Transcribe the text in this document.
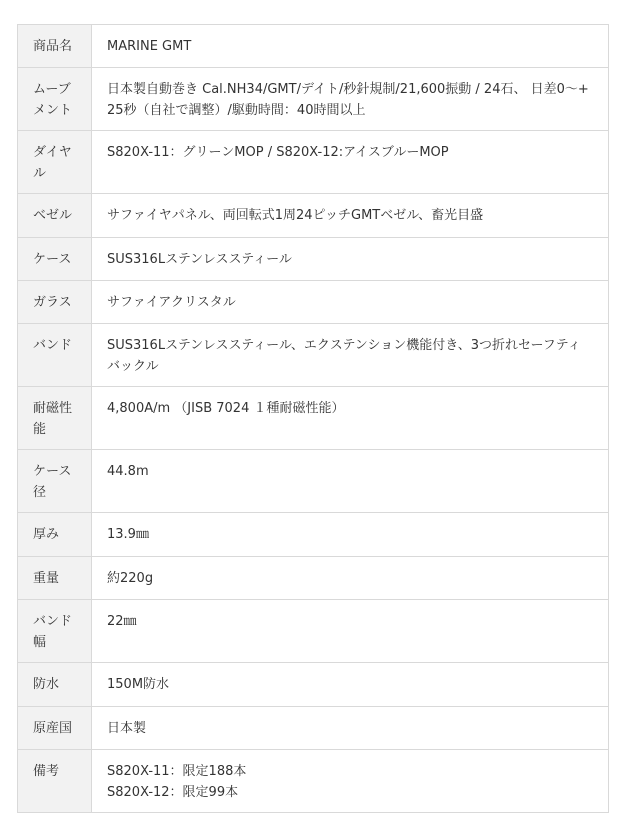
商品名	MARINE GMT
ムーブメント	日本製自動巻き Cal.NH34/GMT/デイト/秒針規制/21,600振動 / 24石、 日差0～+25秒（自社で調整）/駆動時間：40時間以上
ダイヤル	S820X-11：グリーンMOP / S820X-12:アイスブルーMOP
ベゼル	サファイヤパネル、両回転式1周24ピッチGMTベゼル、畜光目盛
ケース	SUS316Lステンレススティール
ガラス	サファイアクリスタル
バンド	SUS316Lステンレススティール、エクステンション機能付き、3つ折れセーフティバックル
耐磁性能	4,800A/m （JISB 7024 １種耐磁性能）
ケース径	44.8m
厚み	13.9㎜
重量	約220g
バンド幅	22㎜
防水	150M防水
原産国	日本製
備考	S820X-11：限定188本
S820X-12：限定99本
